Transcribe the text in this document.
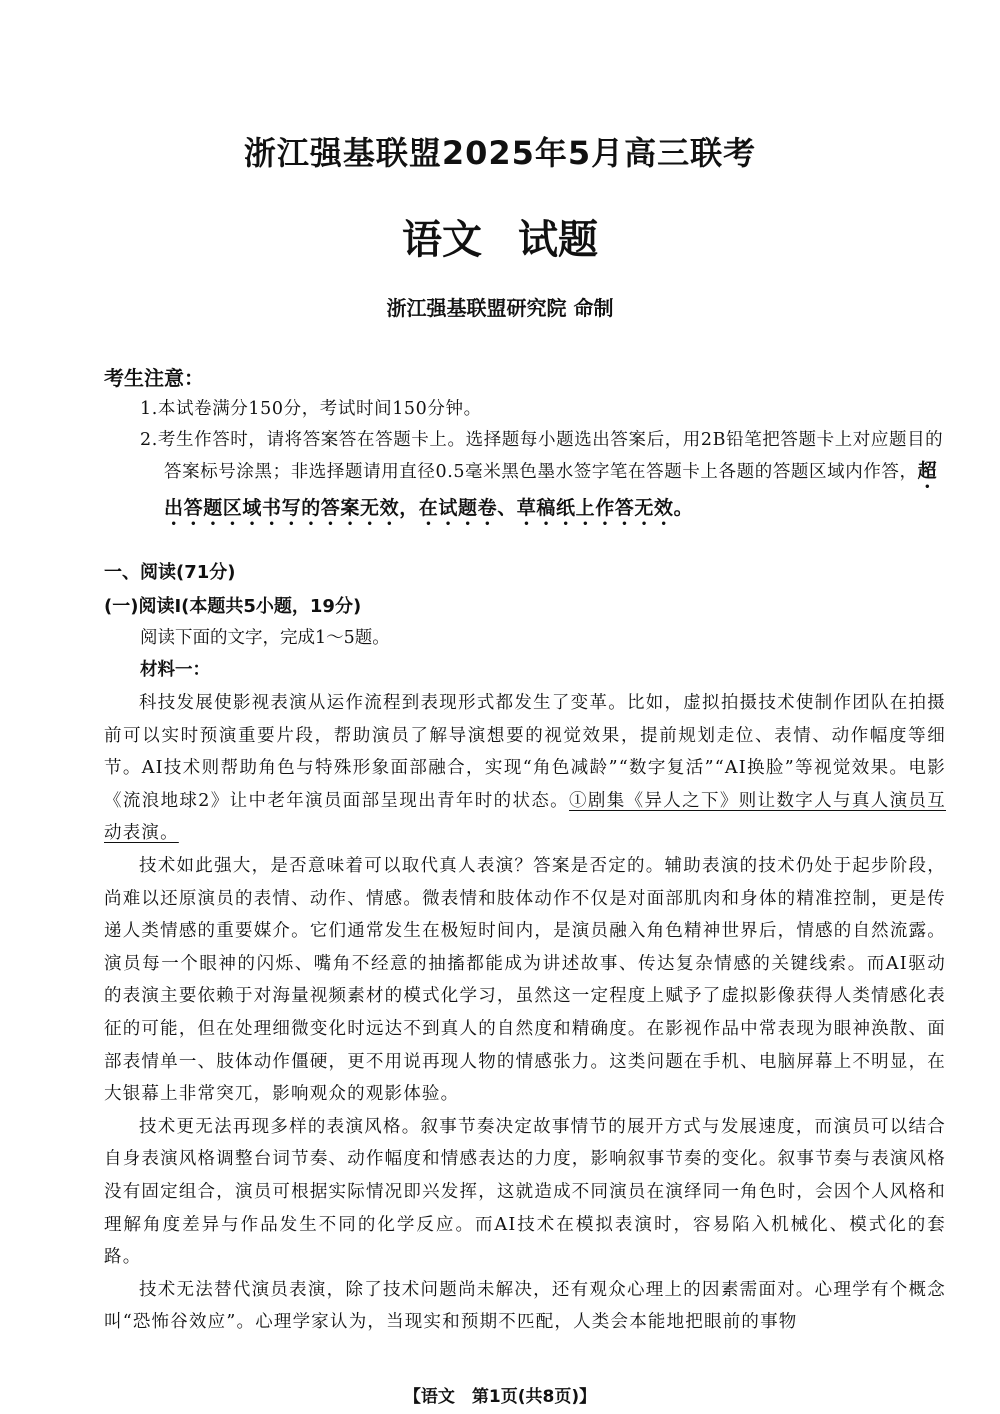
浙江强基联盟2025年5月高三联考
语文 试题
浙江强基联盟研究院 命制
考生注意：
1.本试卷满分150分，考试时间150分钟。
2.考生作答时，请将答案答在答题卡上。选择题每小题选出答案后，用2B铅笔把答题卡上对应题目的答案标号涂黑；非选择题请用直径0.5毫米黑色墨水签字笔在答题卡上各题的答题区域内作答，超出答题区域书写的答案无效，在试题卷、草稿纸上作答无效。
一、阅读(71分)
(一)阅读Ⅰ(本题共5小题，19分)
阅读下面的文字，完成1～5题。
材料一：

科技发展使影视表演从运作流程到表现形式都发生了变革。比如，虚拟拍摄技术使制作团队在拍摄前可以实时预演重要片段，帮助演员了解导演想要的视觉效果，提前规划走位、表情、动作幅度等细节。AI技术则帮助角色与特殊形象面部融合，实现“角色减龄”“数字复活”“AI换脸”等视觉效果。电影《流浪地球2》让中老年演员面部呈现出青年时的状态。①剧集《异人之下》则让数字人与真人演员互动表演。

技术如此强大，是否意味着可以取代真人表演？答案是否定的。辅助表演的技术仍处于起步阶段，尚难以还原演员的表情、动作、情感。微表情和肢体动作不仅是对面部肌肉和身体的精准控制，更是传递人类情感的重要媒介。它们通常发生在极短时间内，是演员融入角色精神世界后，情感的自然流露。演员每一个眼神的闪烁、嘴角不经意的抽搐都能成为讲述故事、传达复杂情感的关键线索。而AI驱动的表演主要依赖于对海量视频素材的模式化学习，虽然这一定程度上赋予了虚拟影像获得人类情感化表征的可能，但在处理细微变化时远达不到真人的自然度和精确度。在影视作品中常表现为眼神涣散、面部表情单一、肢体动作僵硬，更不用说再现人物的情感张力。这类问题在手机、电脑屏幕上不明显，在大银幕上非常突兀，影响观众的观影体验。

技术更无法再现多样的表演风格。叙事节奏决定故事情节的展开方式与发展速度，而演员可以结合自身表演风格调整台词节奏、动作幅度和情感表达的力度，影响叙事节奏的变化。叙事节奏与表演风格没有固定组合，演员可根据实际情况即兴发挥，这就造成不同演员在演绎同一角色时，会因个人风格和理解角度差异与作品发生不同的化学反应。而AI技术在模拟表演时，容易陷入机械化、模式化的套路。

技术无法替代演员表演，除了技术问题尚未解决，还有观众心理上的因素需面对。心理学有个概念叫“恐怖谷效应”。心理学家认为，当现实和预期不匹配，人类会本能地把眼前的事物

【语文　第1页(共8页)】
